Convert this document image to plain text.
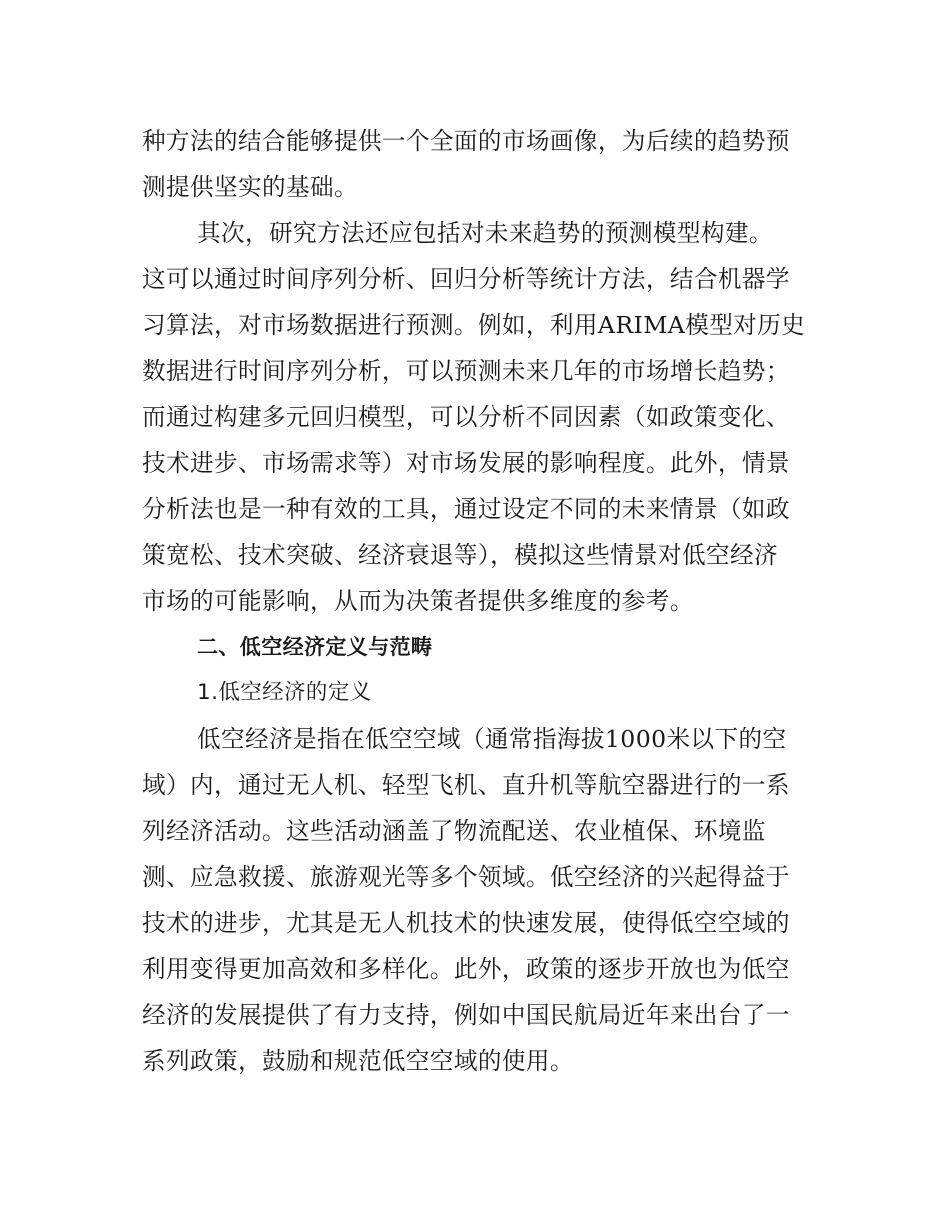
种方法的结合能够提供一个全面的市场画像，为后续的趋势预
测提供坚实的基础。
其次，研究方法还应包括对未来趋势的预测模型构建。
这可以通过时间序列分析、回归分析等统计方法，结合机器学
习算法，对市场数据进行预测。例如，利用ARIMA模型对历史
数据进行时间序列分析，可以预测未来几年的市场增长趋势；
而通过构建多元回归模型，可以分析不同因素（如政策变化、
技术进步、市场需求等）对市场发展的影响程度。此外，情景
分析法也是一种有效的工具，通过设定不同的未来情景（如政
策宽松、技术突破、经济衰退等），模拟这些情景对低空经济
市场的可能影响，从而为决策者提供多维度的参考。
二、低空经济定义与范畴
1.低空经济的定义
低空经济是指在低空空域（通常指海拔1000米以下的空
域）内，通过无人机、轻型飞机、直升机等航空器进行的一系
列经济活动。这些活动涵盖了物流配送、农业植保、环境监
测、应急救援、旅游观光等多个领域。低空经济的兴起得益于
技术的进步，尤其是无人机技术的快速发展，使得低空空域的
利用变得更加高效和多样化。此外，政策的逐步开放也为低空
经济的发展提供了有力支持，例如中国民航局近年来出台了一
系列政策，鼓励和规范低空空域的使用。
